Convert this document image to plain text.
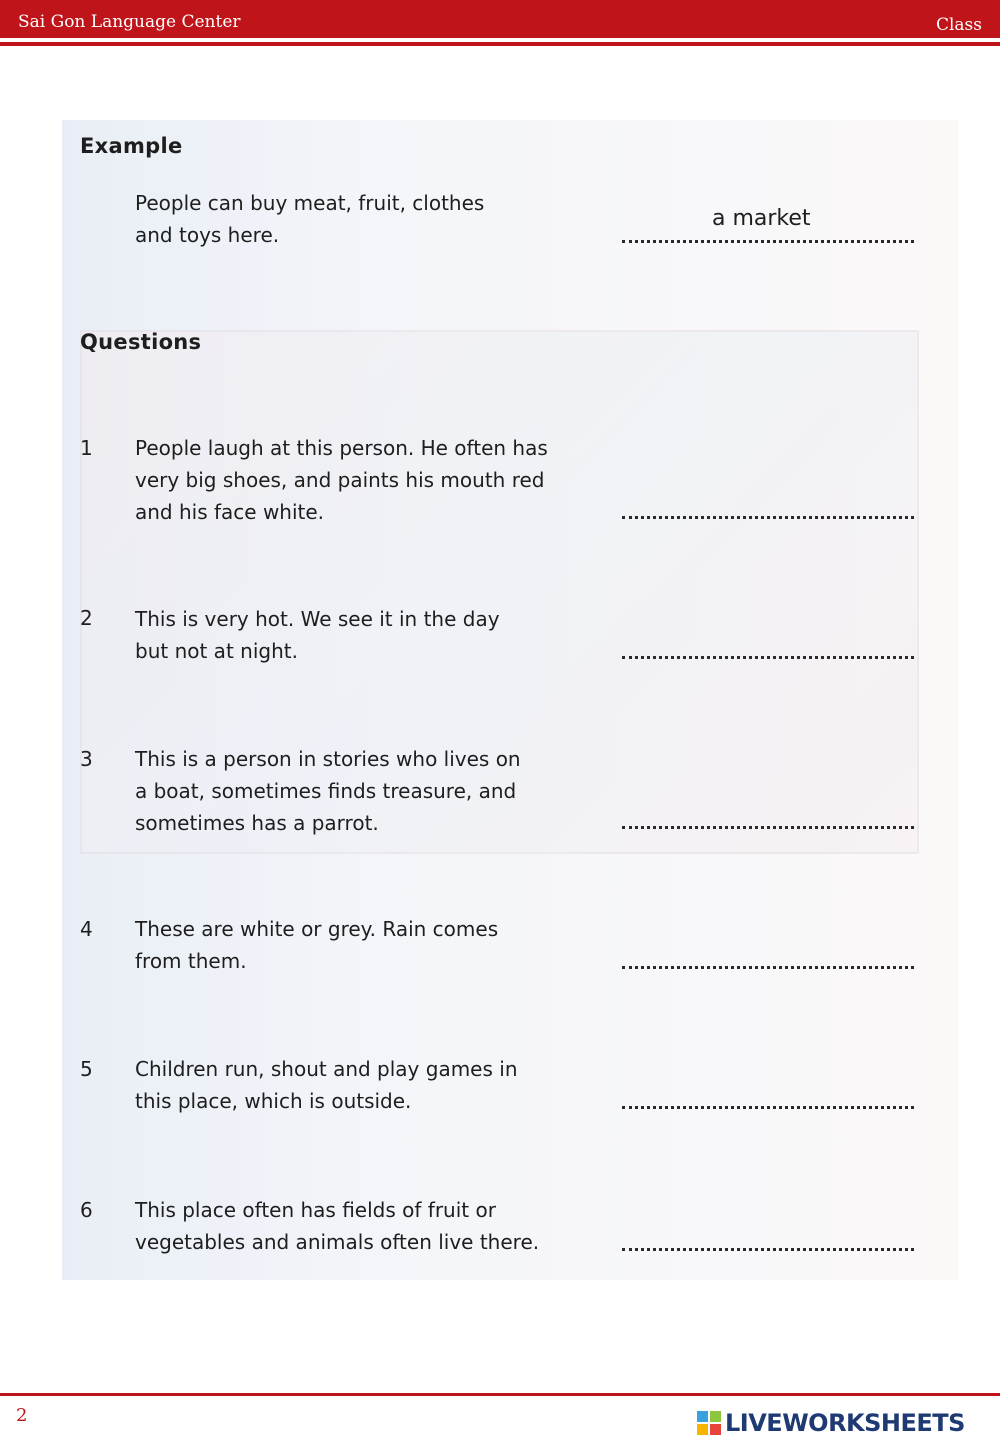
Sai Gon Language Center	Class
Example
People can buy meat, fruit, clothes
and toys here.
a market
Questions
1 People laugh at this person. He often has
very big shoes, and paints his mouth red
and his face white.
2 This is very hot. We see it in the day
but not at night.
3 This is a person in stories who lives on
a boat, sometimes finds treasure, and
sometimes has a parrot.
4 These are white or grey. Rain comes
from them.
5 Children run, shout and play games in
this place, which is outside.
6 This place often has fields of fruit or
vegetables and animals often live there.
2	LIVEWORKSHEETS
